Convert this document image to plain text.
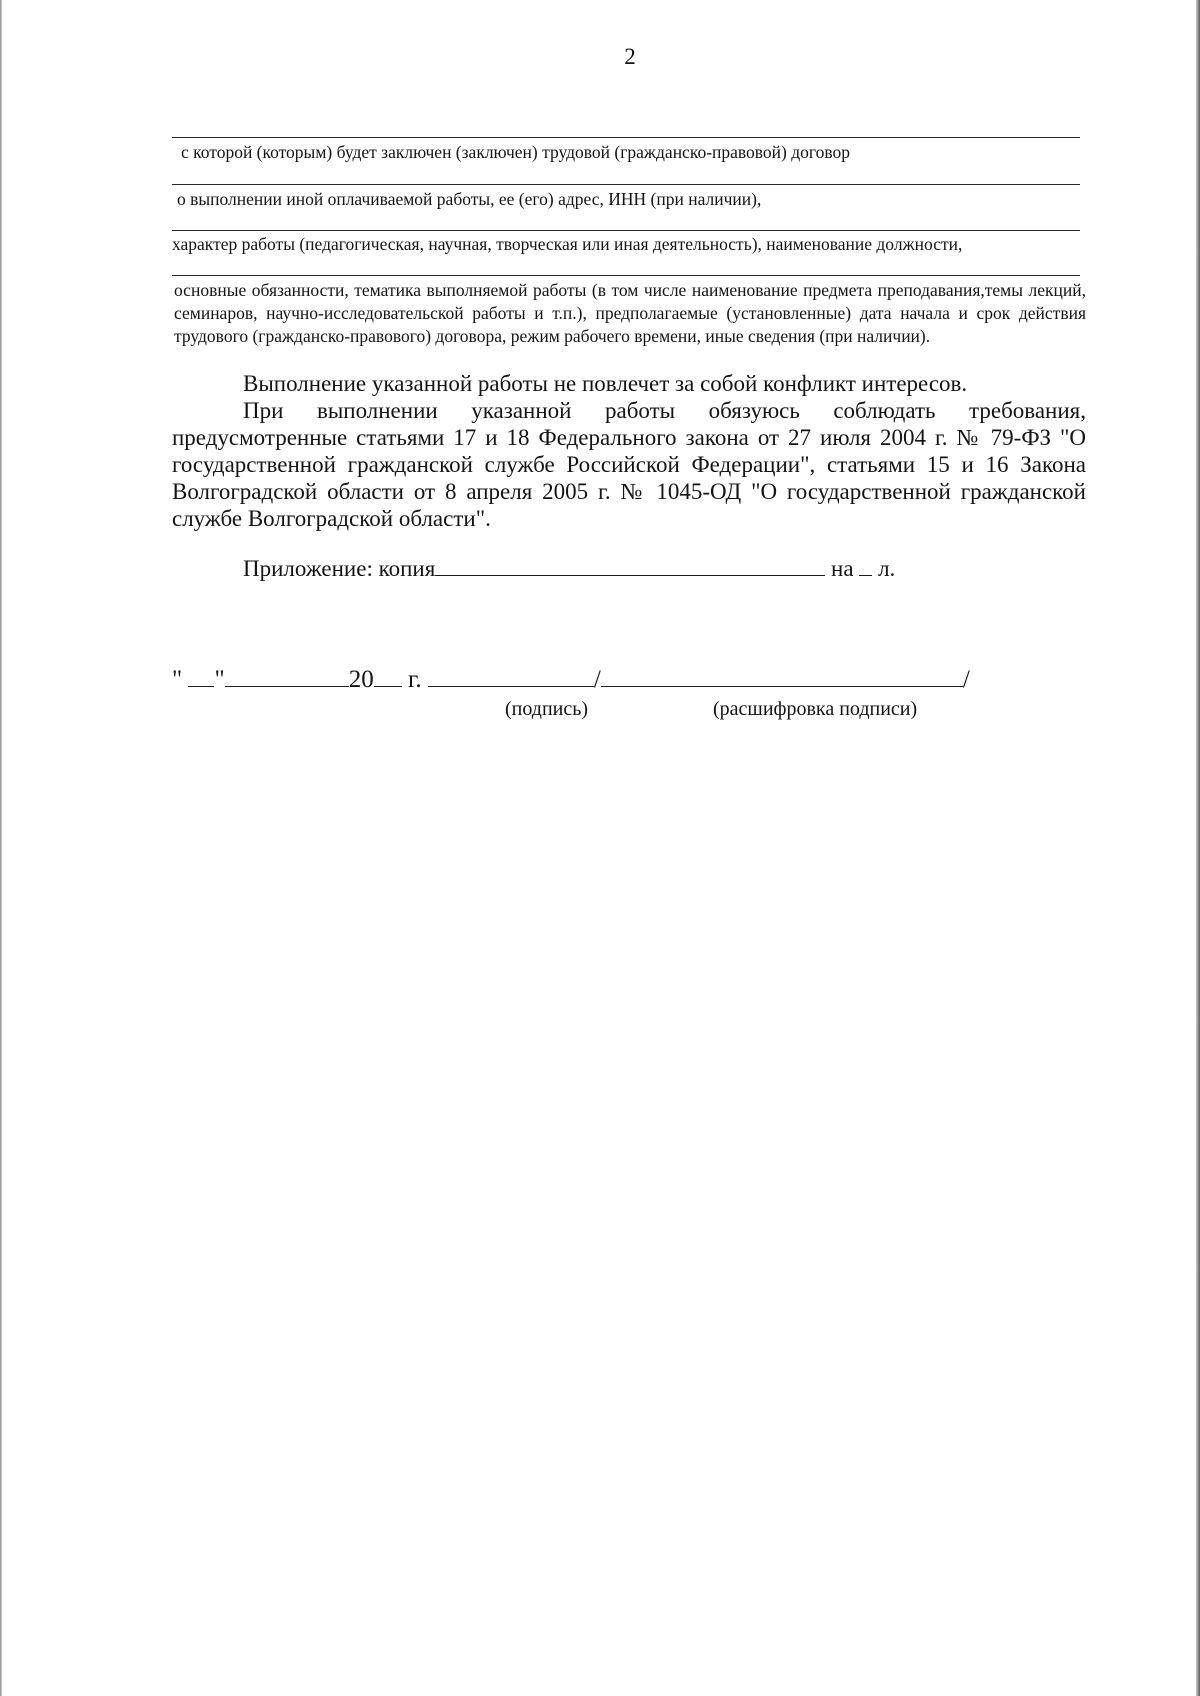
2
с которой (которым) будет заключен (заключен) трудовой (гражданско-правовой) договор
о выполнении иной оплачиваемой работы, ее (его) адрес, ИНН (при наличии),
характер работы (педагогическая, научная, творческая или иная деятельность), наименование должности,
основные обязанности, тематика выполняемой работы (в том числе наименование предмета преподавания,темы лекций, семинаров, научно-исследовательской работы и т.п.), предполагаемые (установленные) дата начала и срок действия трудового (гражданско-правового) договора, режим рабочего времени, иные сведения (при наличии).
Выполнение указанной работы не повлечет за собой конфликт интересов.
При выполнении указанной работы обязуюсь соблюдать требования, предусмотренные статьями 17 и 18 Федерального закона от 27 июля 2004 г. № 79-ФЗ "О государственной гражданской службе Российской Федерации", статьями 15 и 16 Закона Волгоградской области от 8 апреля 2005 г. № 1045-ОД "О государственной гражданской службе Волгоградской области".
Приложение: копия	на л.
" "	20 г.	/	/
(подпись)	(расшифровка подписи)
